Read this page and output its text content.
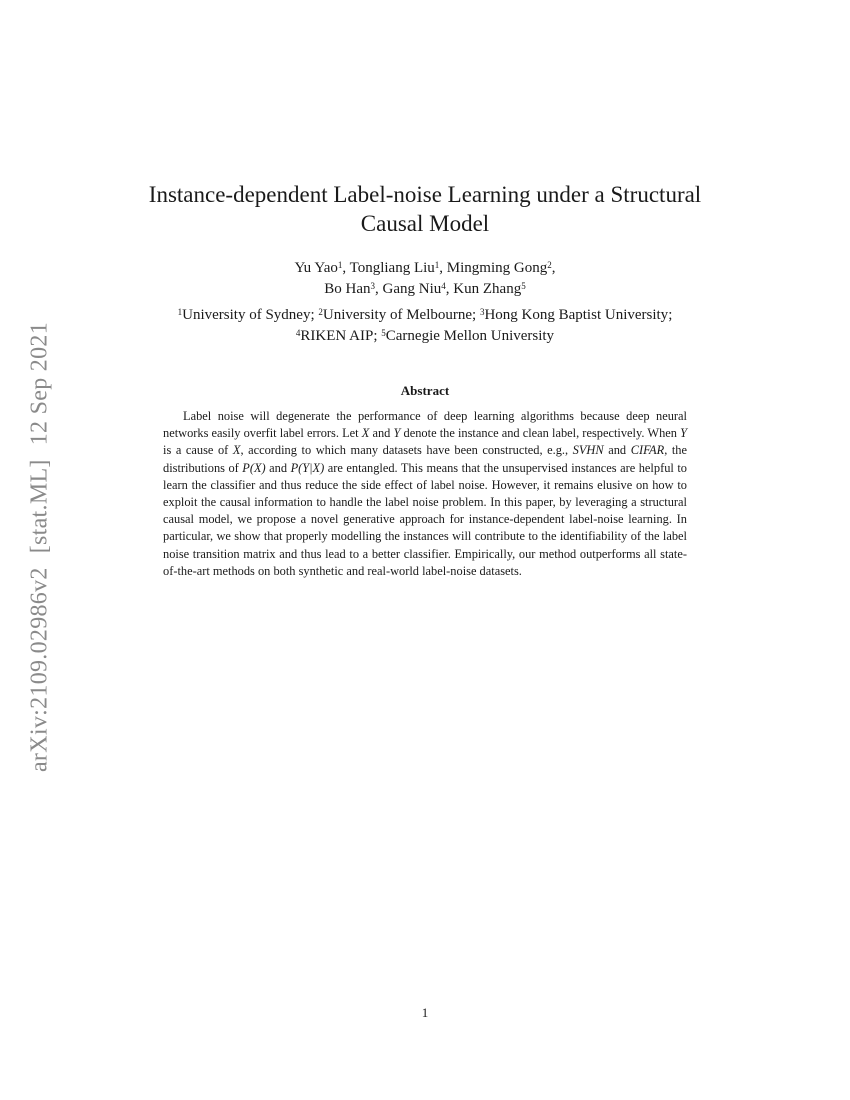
arXiv:2109.02986v2[stat.ML]12 Sep 2021
Instance-dependent Label-noise Learning under a Structural
Causal Model
Yu Yao$^1$, Tongliang Liu$^1$, Mingming Gong$^2$,
Bo Han$^3$, Gang Niu$^4$, Kun Zhang$^5$
$^1$University of Sydney; $^2$University of Melbourne; $^3$Hong Kong Baptist University;
$^4$RIKEN AIP; $^5$Carnegie Mellon University
Abstract

Label noise will degenerate the performance of deep learning algorithms because deep neural networks easily overfit label errors. Let X and Y denote the instance and clean label, respectively. When Y is a cause of X, according to which many datasets have been constructed, e.g., SVHN and CIFAR, the distributions of P(X) and P(Y|X) are entangled. This means that the unsupervised instances are helpful to learn the classifier and thus reduce the side effect of label noise. However, it remains elusive on how to exploit the causal information to handle the label noise problem. In this paper, by leveraging a structural causal model, we propose a novel generative approach for instance-dependent label-noise learning. In particular, we show that properly modelling the instances will contribute to the identifiability of the label noise transition matrix and thus lead to a better classifier. Empirically, our method outperforms all state-of-the-art methods on both synthetic and real-world label-noise datasets.

1
